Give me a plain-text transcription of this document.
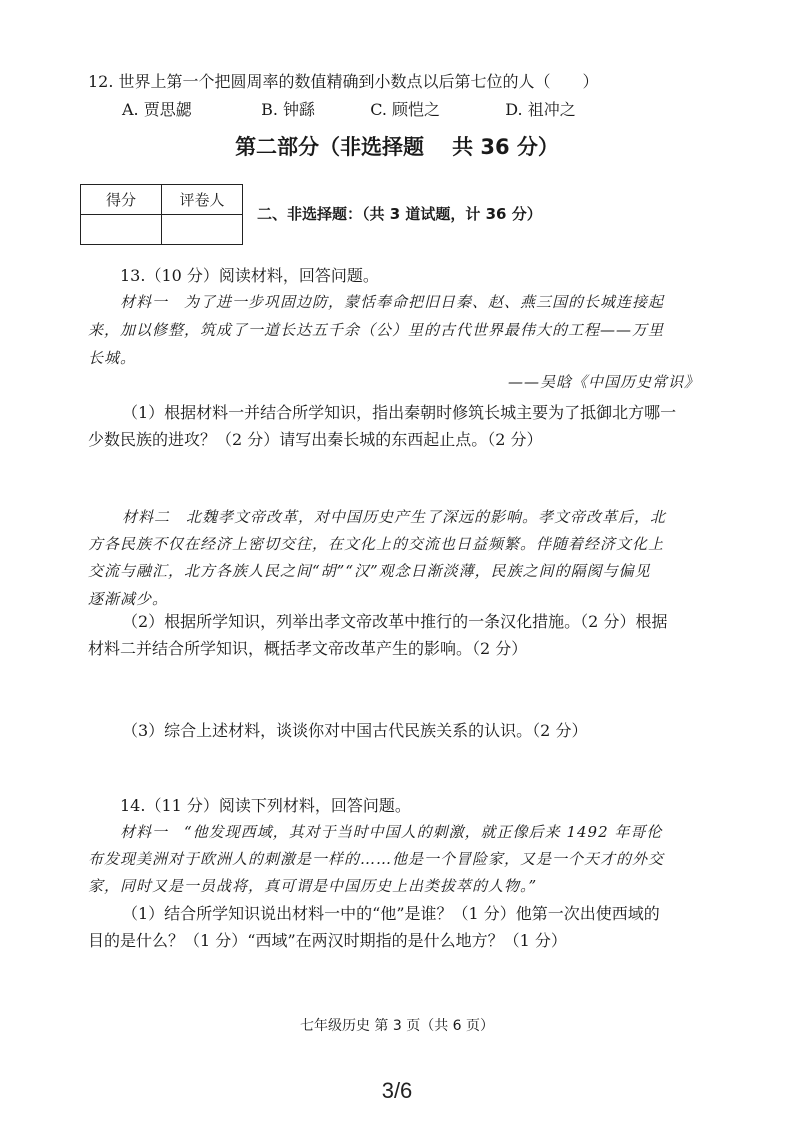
12. 世界上第一个把圆周率的数值精确到小数点以后第七位的人（　　）
A. 贾思勰	B. 钟繇	C. 顾恺之	D. 祖冲之
第二部分（非选择题 共 36 分）
得分	评卷人

二、非选择题：（共 3 道试题，计 36 分）
13.（10 分）阅读材料，回答问题。
材料一　为了进一步巩固边防，蒙恬奉命把旧日秦、赵、燕三国的长城连接起
来，加以修整，筑成了一道长达五千余（公）里的古代世界最伟大的工程——万里
长城。
——吴晗《中国历史常识》
（1）根据材料一并结合所学知识，指出秦朝时修筑长城主要为了抵御北方哪一
少数民族的进攻？（2 分）请写出秦长城的东西起止点。（2 分）
材料二　北魏孝文帝改革，对中国历史产生了深远的影响。孝文帝改革后，北
方各民族不仅在经济上密切交往，在文化上的交流也日益频繁。伴随着经济文化上
交流与融汇，北方各族人民之间“胡”“汉”观念日渐淡薄，民族之间的隔阂与偏见
逐渐减少。
（2）根据所学知识，列举出孝文帝改革中推行的一条汉化措施。（2 分）根据
材料二并结合所学知识，概括孝文帝改革产生的影响。（2 分）
（3）综合上述材料，谈谈你对中国古代民族关系的认识。（2 分）
14.（11 分）阅读下列材料，回答问题。
材料一　“他发现西域，其对于当时中国人的刺激，就正像后来 1492 年哥伦
布发现美洲对于欧洲人的刺激是一样的……他是一个冒险家，又是一个天才的外交
家，同时又是一员战将，真可谓是中国历史上出类拔萃的人物。”
（1）结合所学知识说出材料一中的“他”是谁？（1 分）他第一次出使西域的
目的是什么？（1 分）“西域”在两汉时期指的是什么地方？（1 分）
七年级历史 第 3 页（共 6 页）
3/6
